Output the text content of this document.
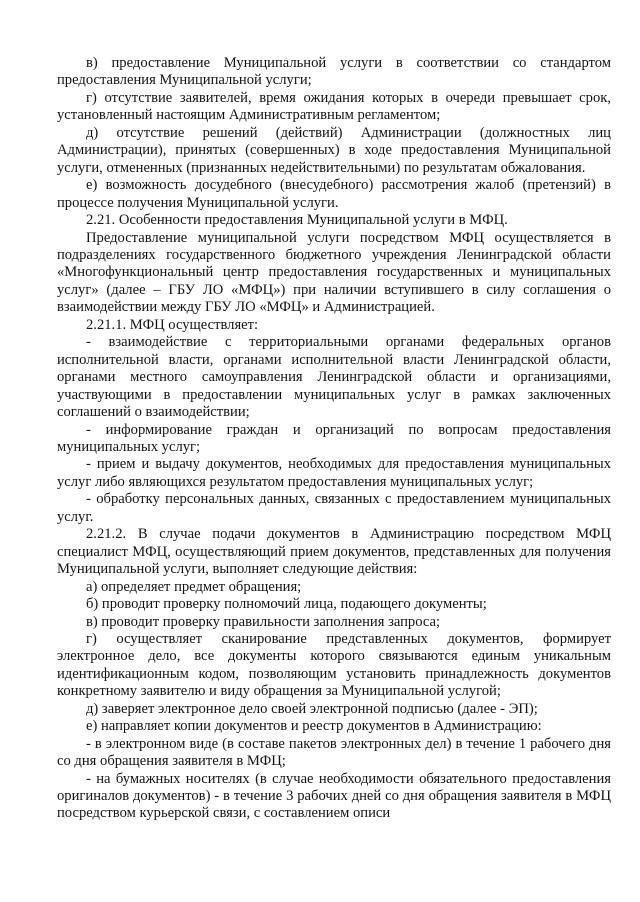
в) предоставление Муниципальной услуги в соответствии со стандартом предоставления Муниципальной услуги;

г) отсутствие заявителей, время ожидания которых в очереди превышает срок, установленный настоящим Административным регламентом;

д) отсутствие решений (действий) Администрации (должностных лиц Администрации), принятых (совершенных) в ходе предоставления Муниципальной услуги, отмененных (признанных недействительными) по результатам обжалования.

е) возможность досудебного (внесудебного) рассмотрения жалоб (претензий) в процессе получения Муниципальной услуги.

2.21. Особенности предоставления Муниципальной услуги в МФЦ.

Предоставление муниципальной услуги посредством МФЦ осуществляется в подразделениях государственного бюджетного учреждения Ленинградской области «Многофункциональный центр предоставления государственных и муниципальных услуг» (далее – ГБУ ЛО «МФЦ») при наличии вступившего в силу соглашения о взаимодействии между ГБУ ЛО «МФЦ» и Администрацией.

2.21.1. МФЦ осуществляет:

- взаимодействие с территориальными органами федеральных органов исполнительной власти, органами исполнительной власти Ленинградской области, органами местного самоуправления Ленинградской области и организациями, участвующими в предоставлении муниципальных услуг в рамках заключенных соглашений о взаимодействии;

- информирование граждан и организаций по вопросам предоставления муниципальных услуг;

- прием и выдачу документов, необходимых для предоставления муниципальных услуг либо являющихся результатом предоставления муниципальных услуг;

- обработку персональных данных, связанных с предоставлением муниципальных услуг.

2.21.2. В случае подачи документов в Администрацию посредством МФЦ специалист МФЦ, осуществляющий прием документов, представленных для получения Муниципальной услуги, выполняет следующие действия:

а) определяет предмет обращения;

б) проводит проверку полномочий лица, подающего документы;

в) проводит проверку правильности заполнения запроса;

г) осуществляет сканирование представленных документов, формирует электронное дело, все документы которого связываются единым уникальным идентификационным кодом, позволяющим установить принадлежность документов конкретному заявителю и виду обращения за Муниципальной услугой;

д) заверяет электронное дело своей электронной подписью (далее - ЭП);

е) направляет копии документов и реестр документов в Администрацию:

- в электронном виде (в составе пакетов электронных дел) в течение 1 рабочего дня со дня обращения заявителя в МФЦ;

- на бумажных носителях (в случае необходимости обязательного предоставления оригиналов документов) - в течение 3 рабочих дней со дня обращения заявителя в МФЦ посредством курьерской связи, с составлением описи
